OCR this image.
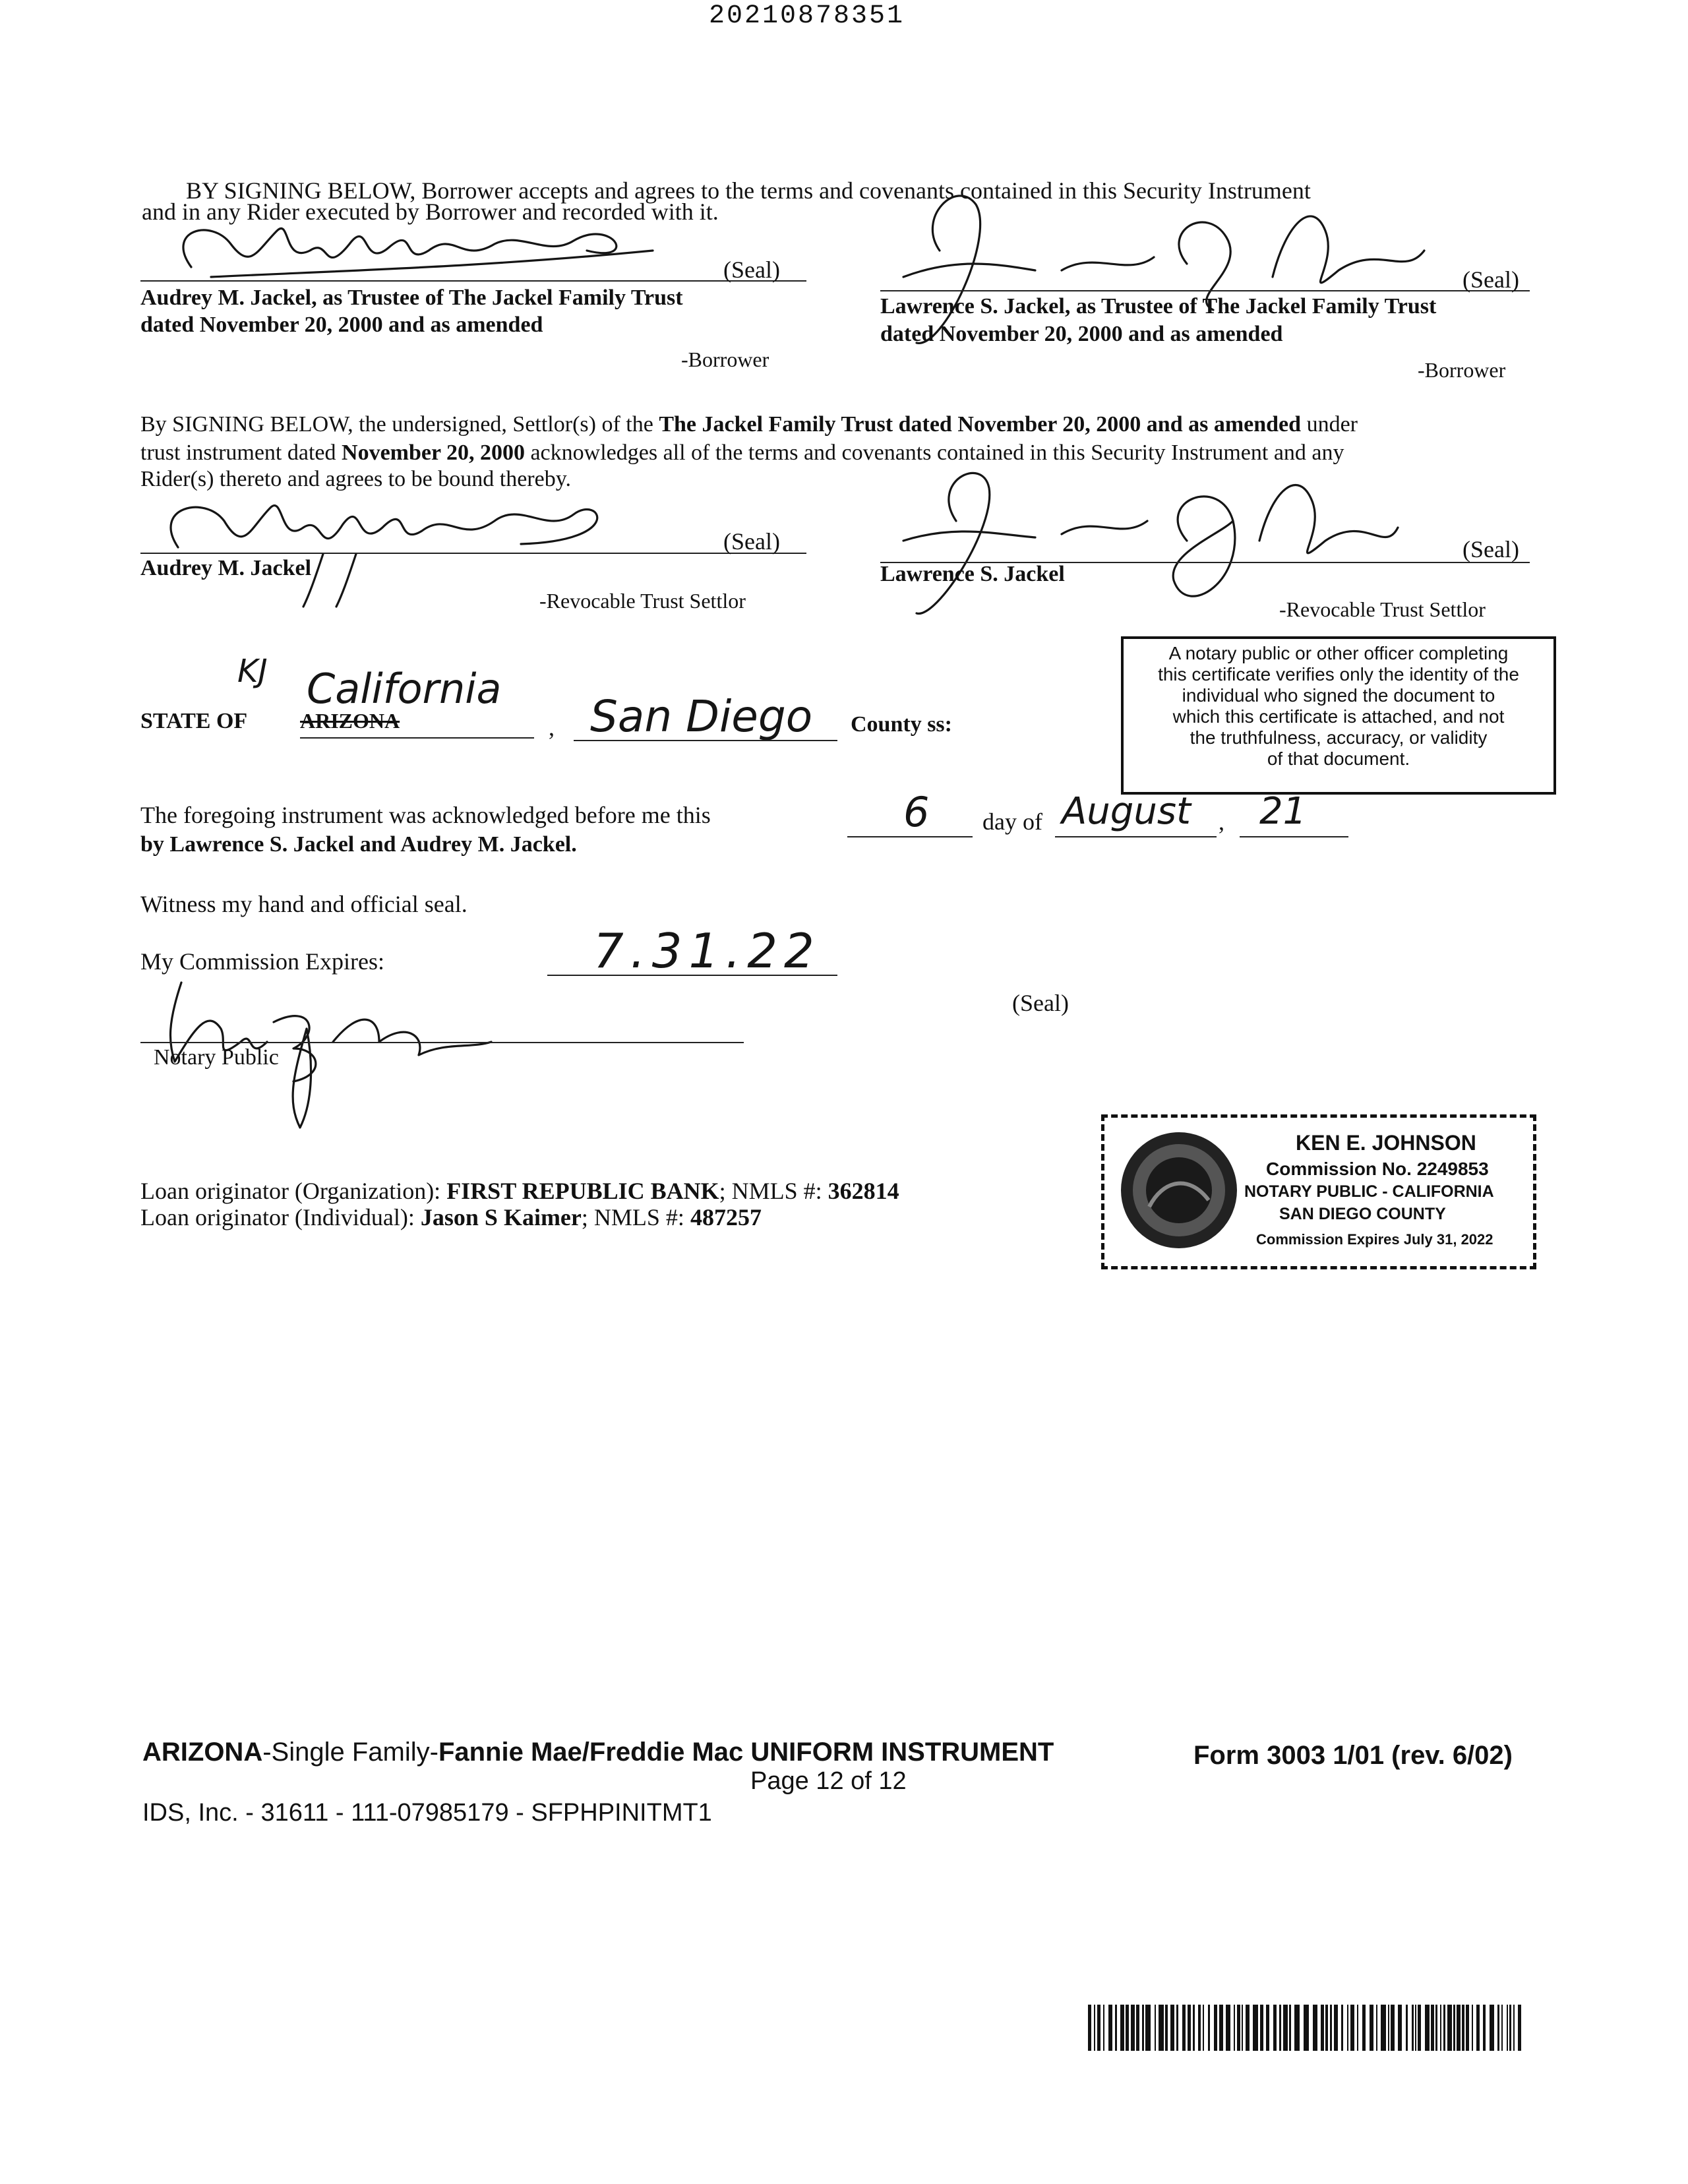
20210878351
BY SIGNING BELOW, Borrower accepts and agrees to the terms and covenants contained in this Security Instrument
and in any Rider executed by Borrower and recorded with it.
(Seal)
Audrey M. Jackel, as Trustee of The Jackel Family Trust
dated November 20, 2000 and as amended
-Borrower
(Seal)
Lawrence S. Jackel, as Trustee of The Jackel Family Trust
dated November 20, 2000 and as amended
-Borrower
By SIGNING BELOW, the undersigned, Settlor(s) of the The Jackel Family Trust dated November 20, 2000 and as amended under
trust instrument dated November 20, 2000 acknowledges all of the terms and covenants contained in this Security Instrument and any
Rider(s) thereto and agrees to be bound thereby.
(Seal)
Audrey M. Jackel
-Revocable Trust Settlor
(Seal)
Lawrence S. Jackel
-Revocable Trust Settlor
A notary public or other officer completing
this certificate verifies only the identity of the
individual who signed the document to
which this certificate is attached, and not
the truthfulness, accuracy, or validity
of that document.
KJ California
STATE OF ARIZONA	, San Diego County ss:
The foregoing instrument was acknowledged before me this
by Lawrence S. Jackel and Audrey M. Jackel.
6 day of August , 21
Witness my hand and official seal.
My Commission Expires:	7.31.22
(Seal)
Notary Public
Loan originator (Organization): FIRST REPUBLIC BANK; NMLS #: 362814
Loan originator (Individual): Jason S Kaimer; NMLS #: 487257
KEN E. JOHNSON
Commission No. 2249853
NOTARY PUBLIC - CALIFORNIA
SAN DIEGO COUNTY
Commission Expires July 31, 2022
ARIZONA-Single Family-Fannie Mae/Freddie Mac UNIFORM INSTRUMENT	Form 3003 1/01 (rev. 6/02)
Page 12 of 12
IDS, Inc. - 31611 - 111-07985179 - SFPHPINITMT1
